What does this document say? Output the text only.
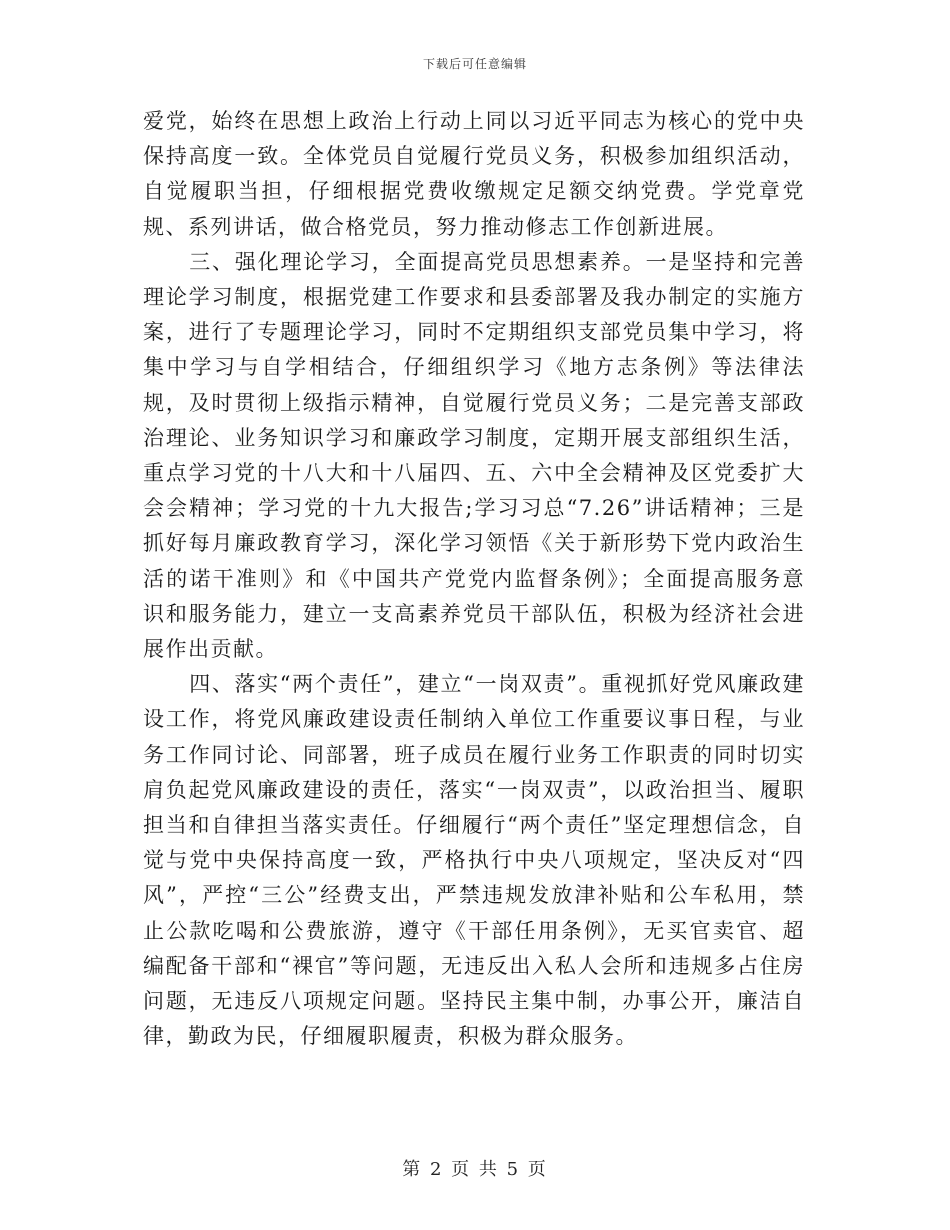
下载后可任意编辑

爱党，始终在思想上政治上行动上同以习近平同志为核心的党中央保持高度一致。全体党员自觉履行党员义务，积极参加组织活动，自觉履职当担，仔细根据党费收缴规定足额交纳党费。学党章党规、系列讲话，做合格党员，努力推动修志工作创新进展。

三、强化理论学习，全面提高党员思想素养。一是坚持和完善理论学习制度，根据党建工作要求和县委部署及我办制定的实施方案，进行了专题理论学习，同时不定期组织支部党员集中学习，将集中学习与自学相结合，仔细组织学习《地方志条例》等法律法规，及时贯彻上级指示精神，自觉履行党员义务；二是完善支部政治理论、业务知识学习和廉政学习制度，定期开展支部组织生活，重点学习党的十八大和十八届四、五、六中全会精神及区党委扩大会会精神；学习党的十九大报告;学习习总“7.26”讲话精神；三是抓好每月廉政教育学习，深化学习领悟《关于新形势下党内政治生活的诺干准则》和《中国共产党党内监督条例》；全面提高服务意识和服务能力，建立一支高素养党员干部队伍，积极为经济社会进展作出贡献。

四、落实“两个责任”，建立“一岗双责”。重视抓好党风廉政建设工作，将党风廉政建设责任制纳入单位工作重要议事日程，与业务工作同讨论、同部署，班子成员在履行业务工作职责的同时切实肩负起党风廉政建设的责任，落实“一岗双责”，以政治担当、履职担当和自律担当落实责任。仔细履行“两个责任”坚定理想信念，自觉与党中央保持高度一致，严格执行中央八项规定，坚决反对“四风”，严控“三公”经费支出，严禁违规发放津补贴和公车私用，禁止公款吃喝和公费旅游，遵守《干部任用条例》，无买官卖官、超编配备干部和“裸官”等问题，无违反出入私人会所和违规多占住房问题，无违反八项规定问题。坚持民主集中制，办事公开，廉洁自律，勤政为民，仔细履职履责，积极为群众服务。

第 2 页 共 5 页
